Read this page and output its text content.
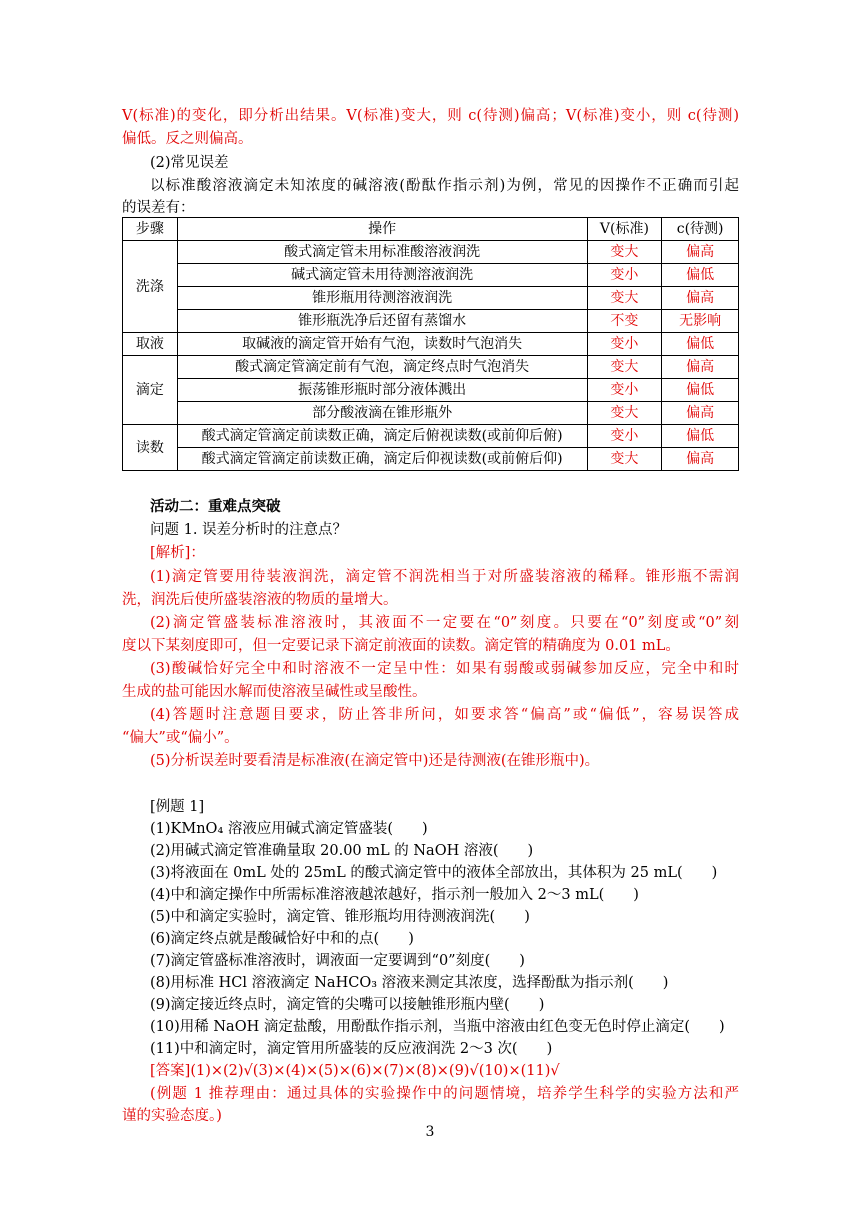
V(标准)的变化，即分析出结果。V(标准)变大，则 c(待测)偏高；V(标准)变小，则 c(待测)
偏低。反之则偏高。
(2)常见误差
以标准酸溶液滴定未知浓度的碱溶液(酚酞作指示剂)为例，常见的因操作不正确而引起
的误差有：
步骤	操作	V(标准)	c(待测)
洗涤	酸式滴定管未用标准酸溶液润洗	变大	偏高
	碱式滴定管未用待测溶液润洗	变小	偏低
	锥形瓶用待测溶液润洗	变大	偏高
	锥形瓶洗净后还留有蒸馏水	不变	无影响
取液	取碱液的滴定管开始有气泡，读数时气泡消失	变小	偏低
滴定	酸式滴定管滴定前有气泡，滴定终点时气泡消失	变大	偏高
	振荡锥形瓶时部分液体溅出	变小	偏低
	部分酸液滴在锥形瓶外	变大	偏高
读数	酸式滴定管滴定前读数正确，滴定后俯视读数(或前仰后俯)	变小	偏低
	酸式滴定管滴定前读数正确，滴定后仰视读数(或前俯后仰)	变大	偏高
活动二：重难点突破
问题 1. 误差分析时的注意点？
[解析]：
(1)滴定管要用待装液润洗，滴定管不润洗相当于对所盛装溶液的稀释。锥形瓶不需润
洗，润洗后使所盛装溶液的物质的量增大。
(2)滴定管盛装标准溶液时，其液面不一定要在“0”刻度。只要在“0”刻度或“0”刻
度以下某刻度即可，但一定要记录下滴定前液面的读数。滴定管的精确度为 0.01 mL。
(3)酸碱恰好完全中和时溶液不一定呈中性：如果有弱酸或弱碱参加反应，完全中和时
生成的盐可能因水解而使溶液呈碱性或呈酸性。
(4)答题时注意题目要求，防止答非所问，如要求答“偏高”或“偏低”，容易误答成
“偏大”或“偏小”。
(5)分析误差时要看清是标准液(在滴定管中)还是待测液(在锥形瓶中)。
[例题 1]
(1)KMnO₄ 溶液应用碱式滴定管盛装(　　)
(2)用碱式滴定管准确量取 20.00 mL 的 NaOH 溶液(　　)
(3)将液面在 0mL 处的 25mL 的酸式滴定管中的液体全部放出，其体积为 25 mL(　　)
(4)中和滴定操作中所需标准溶液越浓越好，指示剂一般加入 2～3 mL(　　)
(5)中和滴定实验时，滴定管、锥形瓶均用待测液润洗(　　)
(6)滴定终点就是酸碱恰好中和的点(　　)
(7)滴定管盛标准溶液时，调液面一定要调到“0”刻度(　　)
(8)用标准 HCl 溶液滴定 NaHCO₃ 溶液来测定其浓度，选择酚酞为指示剂(　　)
(9)滴定接近终点时，滴定管的尖嘴可以接触锥形瓶内壁(　　)
(10)用稀 NaOH 滴定盐酸，用酚酞作指示剂，当瓶中溶液由红色变无色时停止滴定(　　)
(11)中和滴定时，滴定管用所盛装的反应液润洗 2～3 次(　　)
[答案](1)×(2)√(3)×(4)×(5)×(6)×(7)×(8)×(9)√(10)×(11)√
(例题 1 推荐理由：通过具体的实验操作中的问题情境，培养学生科学的实验方法和严
谨的实验态度。)
3
